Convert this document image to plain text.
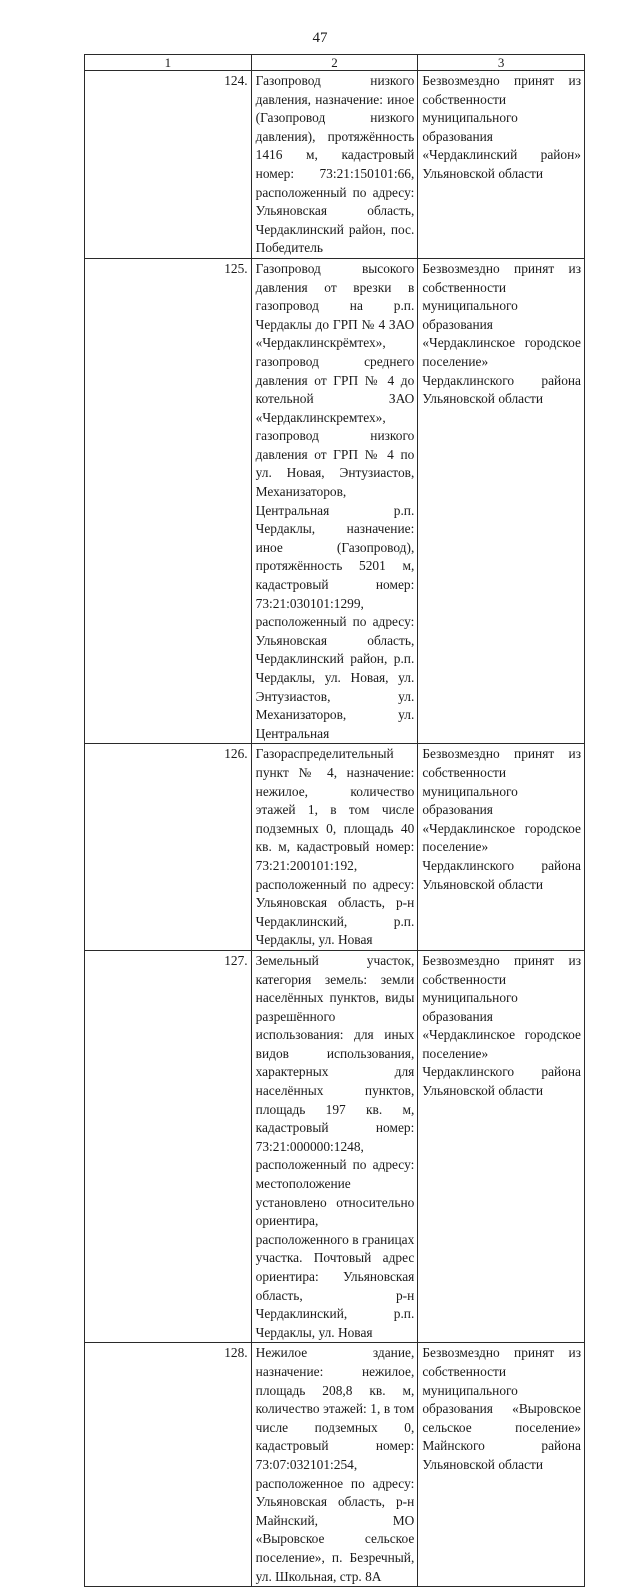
47
1	2	3
124.	Газопровод низкого давления, назначение: иное (Газопровод низкого давления), протяжённость 1416 м, кадастровый номер: 73:21:150101:66, расположенный по адресу: Ульяновская область, Чердаклинский район, пос. Победитель	Безвозмездно принят из собственности муниципального образования «Чердаклинский район» Ульяновской области
125.	Газопровод высокого давления от врезки в газопровод на р.п. Чердаклы до ГРП № 4 ЗАО «Чердаклинскрёмтех», газопровод среднего давления от ГРП № 4 до котельной ЗАО «Чердаклинскремтех», газопровод низкого давления от ГРП № 4 по ул. Новая, Энтузиастов, Механизаторов, Центральная р.п. Чердаклы, назначение: иное (Газопровод), протяжённость 5201 м, кадастровый номер: 73:21:030101:1299, расположенный по адресу: Ульяновская область, Чердаклинский район, р.п. Чердаклы, ул. Новая, ул. Энтузиастов, ул. Механизаторов, ул. Центральная	Безвозмездно принят из собственности муниципального образования «Чердаклинское городское поселение» Чердаклинского района Ульяновской области
126.	Газораспределительный пункт № 4, назначение: нежилое, количество этажей 1, в том числе подземных 0, площадь 40 кв. м, кадастровый номер: 73:21:200101:192, расположенный по адресу: Ульяновская область, р-н Чердаклинский, р.п. Чердаклы, ул. Новая	Безвозмездно принят из собственности муниципального образования «Чердаклинское городское поселение» Чердаклинского района Ульяновской области
127.	Земельный участок, категория земель: земли населённых пунктов, виды разрешённого использования: для иных видов использования, характерных для населённых пунктов, площадь 197 кв. м, кадастровый номер: 73:21:000000:1248, расположенный по адресу: местоположение установлено относительно ориентира, расположенного в границах участка. Почтовый адрес ориентира: Ульяновская область, р-н Чердаклинский, р.п. Чердаклы, ул. Новая	Безвозмездно принят из собственности муниципального образования «Чердаклинское городское поселение» Чердаклинского района Ульяновской области
128.	Нежилое здание, назначение: нежилое, площадь 208,8 кв. м, количество этажей: 1, в том числе подземных 0, кадастровый номер: 73:07:032101:254, расположенное по адресу: Ульяновская область, р-н Майнский, МО «Выровское сельское поселение», п. Безречный, ул. Школьная, стр. 8А	Безвозмездно принят из собственности муниципального образования «Выровское сельское поселение» Майнского района Ульяновской области
